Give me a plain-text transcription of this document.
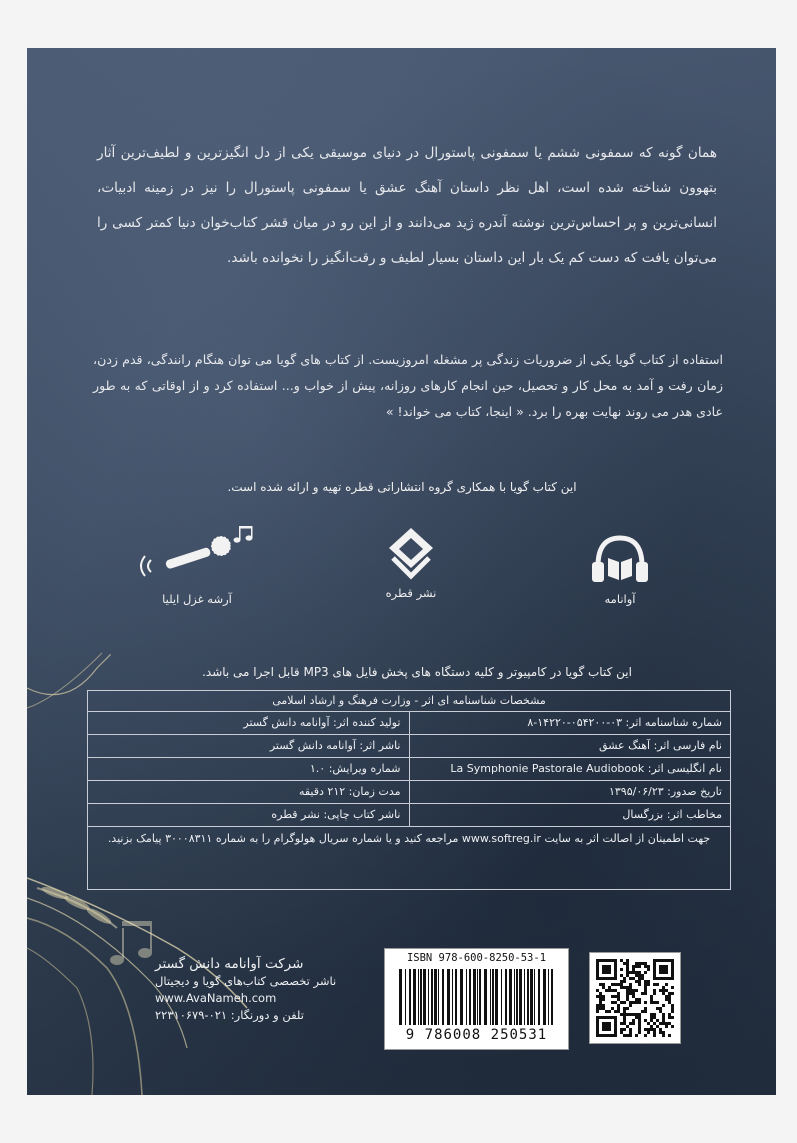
همان گونه که سمفونی ششم یا سمفونی پاستورال در دنیای موسیقی یکی از دل انگیزترین و لطیف‌ترین آثار بتهوون شناخته شده است، اهل نظر داستان آهنگ عشق یا سمفونی پاستورال را نیز در زمینه ادبیات، انسانی‌ترین و پر احساس‌ترین نوشته آندره ژید می‌دانند و از این رو در میان قشر کتاب‌خوان دنیا کمتر کسی را می‌توان یافت که دست کم یک بار این داستان بسیار لطیف و رقت‌انگیز را نخوانده باشد.

استفاده از کتاب گویا یکی از ضروریات زندگی پر مشغله امروزیست. از کتاب های گویا می توان هنگام رانندگی، قدم زدن، زمان رفت و آمد به محل کار و تحصیل، حین انجام کارهای روزانه، پیش از خواب و... استفاده کرد و از اوقاتی که به طور عادی هدر می روند نهایت بهره را برد. « اینجا، کتاب می خواند! »

این کتاب گویا با همکاری گروه انتشاراتی قطره تهیه و ارائه شده است.
آوانامه
نشر قطره
آرشه غزل ایلیا
این کتاب گویا در کامپیوتر و کلیه دستگاه های پخش فایل های MP3 قابل اجرا می باشد.
مشخصات شناسنامه ای اثر - وزارت فرهنگ و ارشاد اسلامی
شماره شناسنامه اثر: ۰۳-۰۵۴۲۰۰-۱۴۲۲۰-۸
تولید کننده اثر: آوانامه دانش گستر
نام فارسی اثر: آهنگ عشق
ناشر اثر: آوانامه دانش گستر
نام انگلیسی اثر: La Symphonie Pastorale Audiobook
شماره ویرایش: ۱.۰
تاریخ صدور: ۱۳۹۵/۰۶/۲۳
مدت زمان: ۲۱۲ دقیقه
مخاطب اثر: بزرگسال
ناشر کتاب چاپی: نشر قطره
جهت اطمینان از اصالت اثر به سایت www.softreg.ir مراجعه کنید و یا شماره سریال هولوگرام را به شماره ۳۰۰۰۸۳۱۱ پیامک بزنید.
شرکت آوانامه دانش گستر
ناشر تخصصی کتاب‌های گویا و دیجیتال
www.AvaNameh.com
تلفن و دورنگار: ۰۲۱-۲۲۳۱۰۶۷۹
ISBN 978-600-8250-53-1
9 786008 250531
